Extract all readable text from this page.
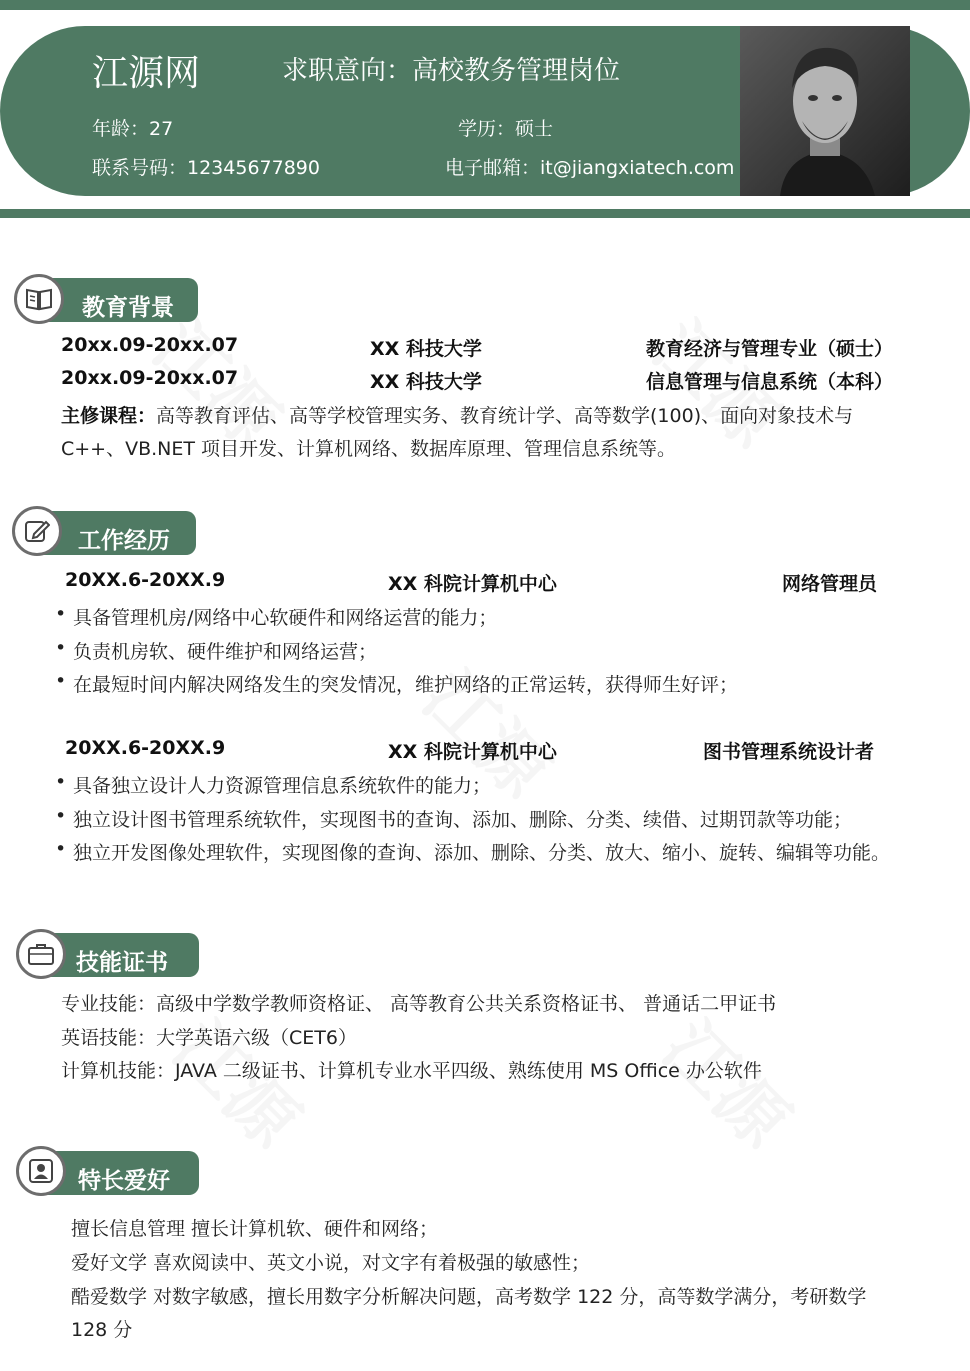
江源网	求职意向：高校教务管理岗位
年龄：27	学历：硕士
联系号码：12345677890	电子邮箱：it@jiangxiatech.com
教育背景
20xx.09-20xx.07	XX 科技大学	教育经济与管理专业（硕士）
20xx.09-20xx.07	XX 科技大学	信息管理与信息系统（本科）
主修课程：高等教育评估、高等学校管理实务、教育统计学、高等数学(100)、面向对象技术与
C++、VB.NET 项目开发、计算机网络、数据库原理、管理信息系统等。
工作经历
20XX.6-20XX.9	XX 科院计算机中心	网络管理员
• 具备管理机房/网络中心软硬件和网络运营的能力；
• 负责机房软、硬件维护和网络运营；
• 在最短时间内解决网络发生的突发情况，维护网络的正常运转，获得师生好评；
20XX.6-20XX.9	XX 科院计算机中心	图书管理系统设计者
• 具备独立设计人力资源管理信息系统软件的能力；
• 独立设计图书管理系统软件，实现图书的查询、添加、删除、分类、续借、过期罚款等功能；
• 独立开发图像处理软件，实现图像的查询、添加、删除、分类、放大、缩小、旋转、编辑等功能。
技能证书
专业技能：高级中学数学教师资格证、 高等教育公共关系资格证书、 普通话二甲证书
英语技能：大学英语六级（CET6）
计算机技能：JAVA 二级证书、计算机专业水平四级、熟练使用 MS Office 办公软件
特长爱好
擅长信息管理 擅长计算机软、硬件和网络；
爱好文学 喜欢阅读中、英文小说，对文字有着极强的敏感性；
酷爱数学 对数字敏感，擅长用数字分析解决问题，高考数学 122 分，高等数学满分，考研数学
128 分
